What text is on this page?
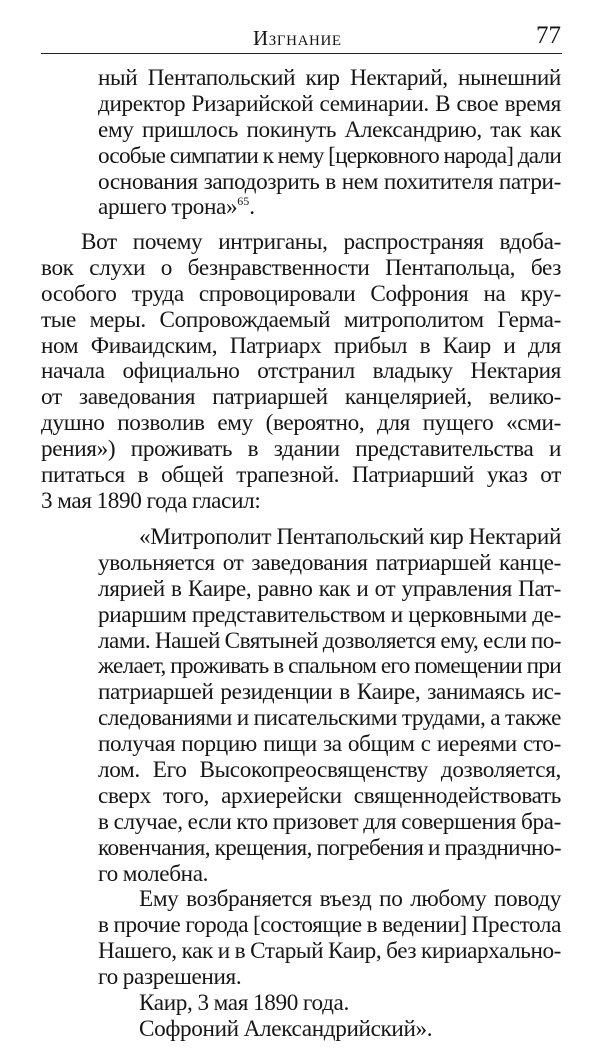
Изгнание	77
ный Пентапольский кир Нектарий, нынешний
директор Ризарийской семинарии. В свое время
ему пришлось покинуть Александрию, так как
особые симпатии к нему [церковного народа] дали
основания заподозрить в нем похитителя патри-
аршего трона»$^{65}$.
Вот почему интриганы, распространяя вдоба-
вок слухи о безнравственности Пентапольца, без
особого труда спровоцировали Софрония на кру-
тые меры. Сопровождаемый митрополитом Герма-
ном Фиваидским, Патриарх прибыл в Каир и для
начала официально отстранил владыку Нектария
от заведования патриаршей канцелярией, велико-
душно позволив ему (вероятно, для пущего «сми-
рения») проживать в здании представительства и
питаться в общей трапезной. Патриарший указ от
3 мая 1890 года гласил:
«Митрополит Пентапольский кир Нектарий
увольняется от заведования патриаршей канце-
лярией в Каире, равно как и от управления Пат-
риаршим представительством и церковными де-
лами. Нашей Святыней дозволяется ему, если по-
желает, проживать в спальном его помещении при
патриаршей резиденции в Каире, занимаясь ис-
следованиями и писательскими трудами, а также
получая порцию пищи за общим с иереями сто-
лом. Его Высокопреосвященству дозволяется,
сверх того, архиерейски священнодействовать
в случае, если кто призовет для совершения бра-
ковенчания, крещения, погребения и празднично-
го молебна.
Ему возбраняется въезд по любому поводу
в прочие города [состоящие в ведении] Престола
Нашего, как и в Старый Каир, без кириархально-
го разрешения.
Каир, 3 мая 1890 года.
Софроний Александрийский».
